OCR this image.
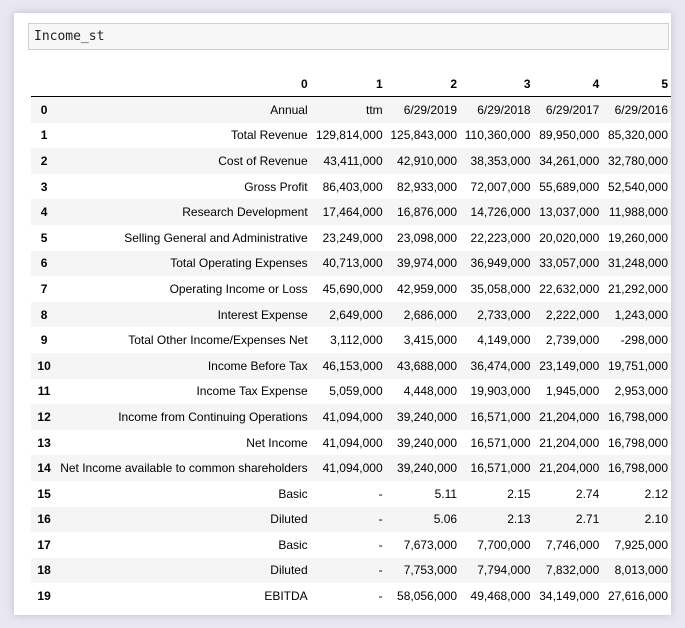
Income_st
	0	1	2	3	4	5
0	Annual	ttm	6/29/2019	6/29/2018	6/29/2017	6/29/2016
1	Total Revenue	129,814,000	125,843,000	110,360,000	89,950,000	85,320,000
2	Cost of Revenue	43,411,000	42,910,000	38,353,000	34,261,000	32,780,000
3	Gross Profit	86,403,000	82,933,000	72,007,000	55,689,000	52,540,000
4	Research Development	17,464,000	16,876,000	14,726,000	13,037,000	11,988,000
5	Selling General and Administrative	23,249,000	23,098,000	22,223,000	20,020,000	19,260,000
6	Total Operating Expenses	40,713,000	39,974,000	36,949,000	33,057,000	31,248,000
7	Operating Income or Loss	45,690,000	42,959,000	35,058,000	22,632,000	21,292,000
8	Interest Expense	2,649,000	2,686,000	2,733,000	2,222,000	1,243,000
9	Total Other Income/Expenses Net	3,112,000	3,415,000	4,149,000	2,739,000	-298,000
10	Income Before Tax	46,153,000	43,688,000	36,474,000	23,149,000	19,751,000
11	Income Tax Expense	5,059,000	4,448,000	19,903,000	1,945,000	2,953,000
12	Income from Continuing Operations	41,094,000	39,240,000	16,571,000	21,204,000	16,798,000
13	Net Income	41,094,000	39,240,000	16,571,000	21,204,000	16,798,000
14	Net Income available to common shareholders	41,094,000	39,240,000	16,571,000	21,204,000	16,798,000
15	Basic	-	5.11	2.15	2.74	2.12
16	Diluted	-	5.06	2.13	2.71	2.10
17	Basic	-	7,673,000	7,700,000	7,746,000	7,925,000
18	Diluted	-	7,753,000	7,794,000	7,832,000	8,013,000
19	EBITDA	-	58,056,000	49,468,000	34,149,000	27,616,000
